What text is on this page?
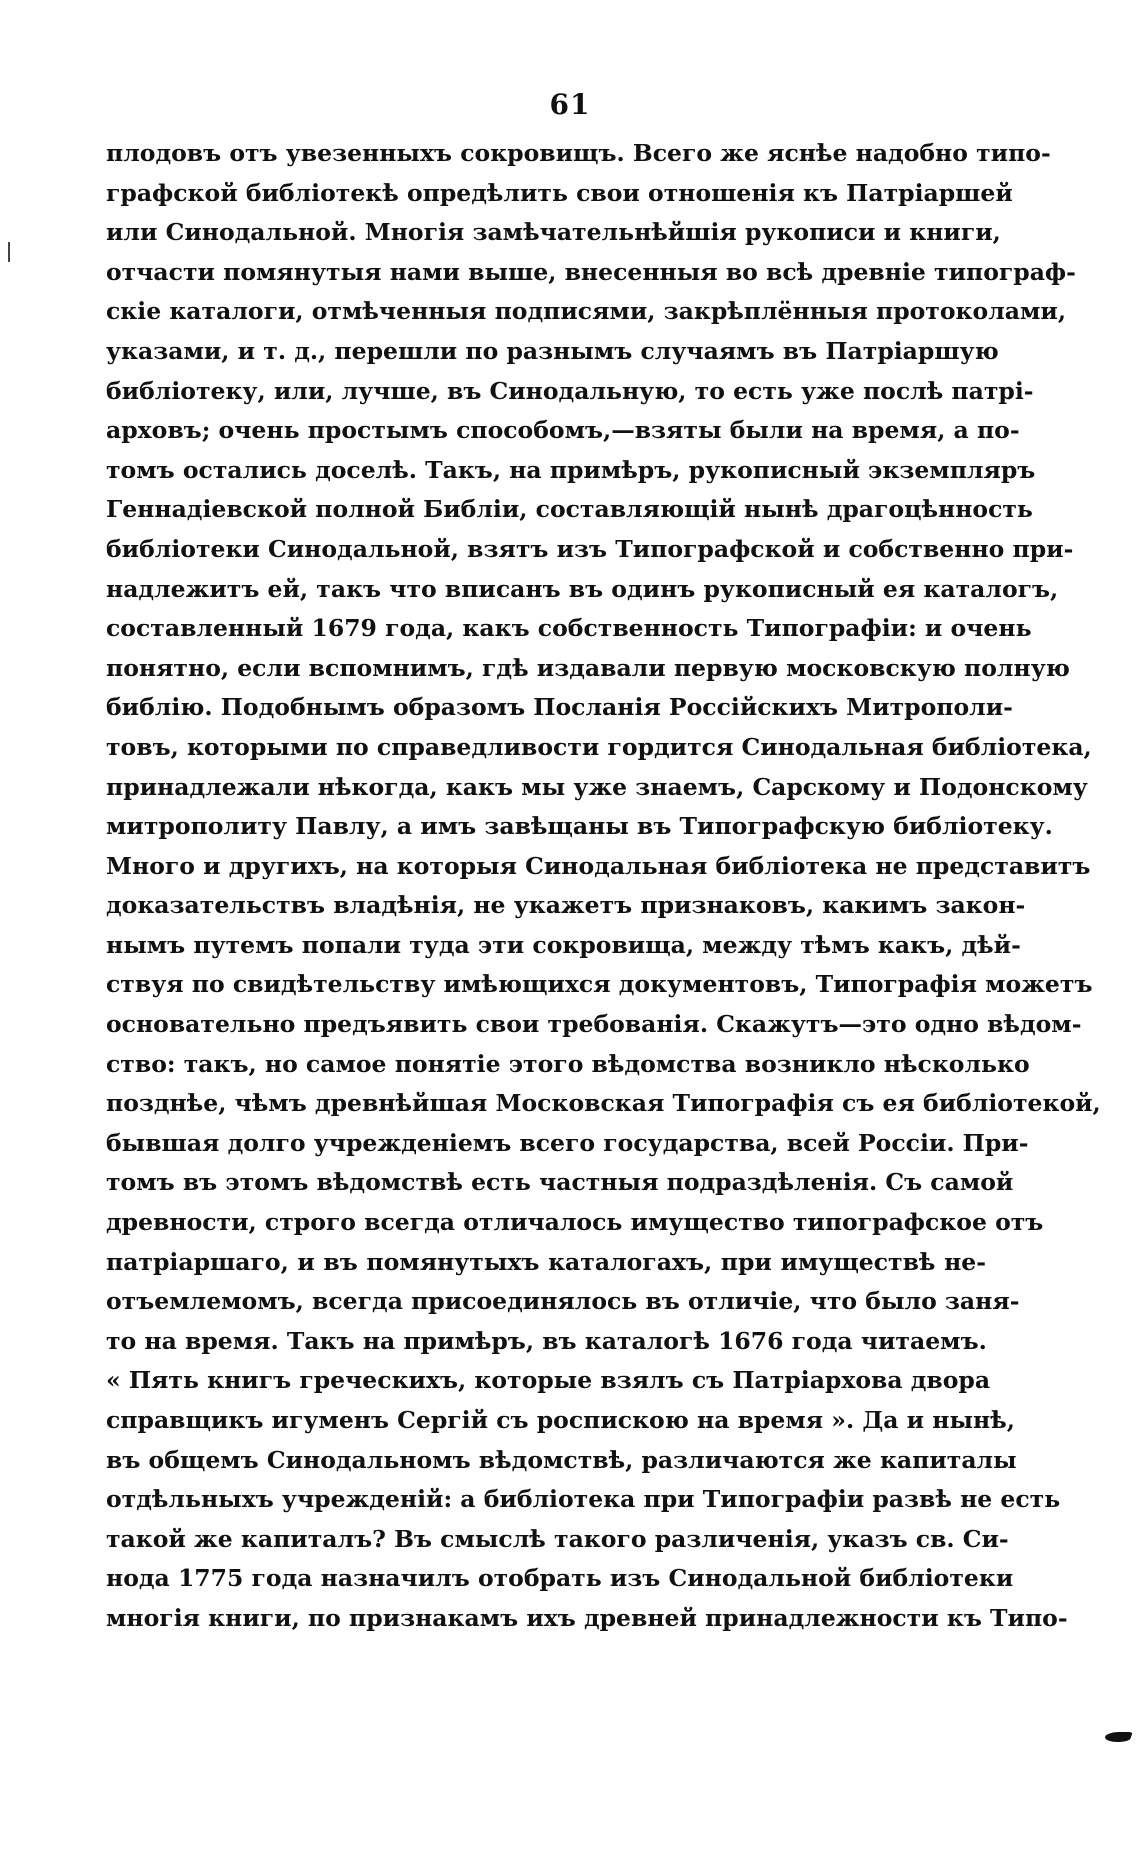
61
плодовъ отъ увезенныхъ сокровищъ. Всего же яснѣе надобно типо-
графской библіотекѣ опредѣлить свои отношенія къ Патріаршей
или Синодальной. Многія замѣчательнѣйшія рукописи и книги,
отчасти помянутыя нами выше, внесенныя во всѣ древніе типограф-
скіе каталоги, отмѣченныя подписями, закрѣплённыя протоколами,
указами, и т. д., перешли по разнымъ случаямъ въ Патріаршую
библіотеку, или, лучше, въ Синодальную, то есть уже послѣ патрі-
арховъ; очень простымъ способомъ,—взяты были на время, а по-
томъ остались доселѣ. Такъ, на примѣръ, рукописный экземпляръ
Геннадіевской полной Библіи, составляющій нынѣ драгоцѣнность
библіотеки Синодальной, взятъ изъ Типографской и собственно при-
надлежитъ ей, такъ что вписанъ въ одинъ рукописный ея каталогъ,
составленный 1679 года, какъ собственность Типографіи: и очень
понятно, если вспомнимъ, гдѣ издавали первую московскую полную
библію. Подобнымъ образомъ Посланія Россійскихъ Митрополи-
товъ, которыми по справедливости гордится Синодальная библіотека,
принадлежали нѣкогда, какъ мы уже знаемъ, Сарскому и Подонскому
митрополиту Павлу, а имъ завѣщаны въ Типографскую библіотеку.
Много и другихъ, на которыя Синодальная библіотека не представитъ
доказательствъ владѣнія, не укажетъ признаковъ, какимъ закон-
нымъ путемъ попали туда эти сокровища, между тѣмъ какъ, дѣй-
ствуя по свидѣтельству имѣющихся документовъ, Типографія можетъ
основательно предъявить свои требованія. Скажутъ—это одно вѣдом-
ство: такъ, но самое понятіе этого вѣдомства возникло нѣсколько
позднѣе, чѣмъ древнѣйшая Московская Типографія съ ея библіотекой,
бывшая долго учрежденіемъ всего государства, всей Россіи. При-
томъ въ этомъ вѣдомствѣ есть частныя подраздѣленія. Съ самой
древности, строго всегда отличалось имущество типографское отъ
патріаршаго, и въ помянутыхъ каталогахъ, при имуществѣ не-
отъемлемомъ, всегда присоединялось въ отличіе, что было заня-
то на время. Такъ на примѣръ, въ каталогѣ 1676 года читаемъ.
« Пять книгъ греческихъ, которые взялъ съ Патріархова двора
справщикъ игуменъ Сергій съ роспискою на время ». Да и нынѣ,
въ общемъ Синодальномъ вѣдомствѣ, различаются же капиталы
отдѣльныхъ учрежденій: а библіотека при Типографіи развѣ не есть
такой же капиталъ? Въ смыслѣ такого различенія, указъ св. Си-
нода 1775 года назначилъ отобрать изъ Синодальной библіотеки
многія книги, по признакамъ ихъ древней принадлежности къ Типо-
